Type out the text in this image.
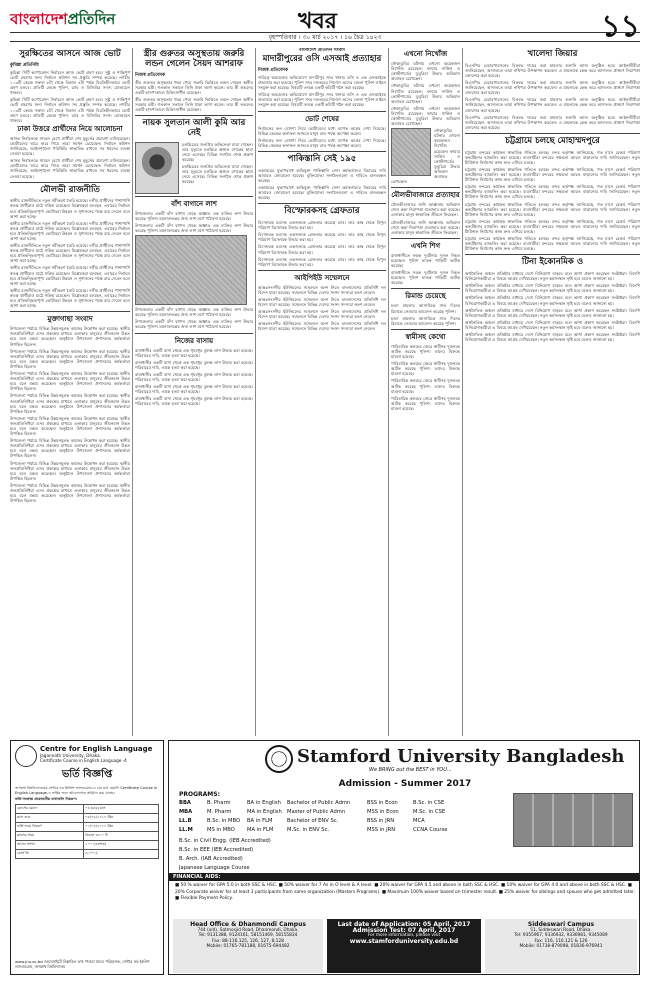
বাংলাদেশপ্রতিদিন	খবর	১১
বৃহস্পতিবার । ৩০ মার্চ ২০১৭ । ১৬ চৈত্র ১৪২৩
সুরক্ষিতের আসনে আজ ভোট
কুমিল্লা প্রতিনিধি

কুমিল্লা সিটি কর্পোরেশন নির্বাচনে আজ ভোট গ্রহণ হবে। সুষ্ঠু ও শান্তিপূর্ণ ভোট গ্রহণের জন্য নির্বাচন কমিশন সব প্রস্তুতি সম্পন্ন করেছে। নগরীর ১০৩টি কেন্দ্রে সকাল ৮টা থেকে বিকাল ৪টা পর্যন্ত বিরতিহীনভাবে ভোট গ্রহণ চলবে। প্রতিটি কেন্দ্রে পুলিশ, র‌্যাব ও বিজিবির সদস্য মোতায়েন থাকবে।

কুমিল্লা সিটি কর্পোরেশন নির্বাচনে আজ ভোট গ্রহণ হবে। সুষ্ঠু ও শান্তিপূর্ণ ভোট গ্রহণের জন্য নির্বাচন কমিশন সব প্রস্তুতি সম্পন্ন করেছে। নগরীর ১০৩টি কেন্দ্রে সকাল ৮টা থেকে বিকাল ৪টা পর্যন্ত বিরতিহীনভাবে ভোট গ্রহণ চলবে। প্রতিটি কেন্দ্রে পুলিশ, র‌্যাব ও বিজিবির সদস্য মোতায়েন থাকবে।

ঢাকা উত্তরে প্রার্থীদের নিয়ে আলোচনা

আসন্ন নির্বাচনকে সামনে রেখে প্রার্থীরা শেষ মুহূর্তের প্রচারণা চালিয়েছেন। ভোটারদের দ্বারে দ্বারে গিয়ে তারা সমর্থন চেয়েছেন। নির্বাচন কমিশন জানিয়েছে, আইনশৃঙ্খলা পরিস্থিতি স্বাভাবিক রাখতে সব ধরনের ব্যবস্থা নেওয়া হয়েছে।

আসন্ন নির্বাচনকে সামনে রেখে প্রার্থীরা শেষ মুহূর্তের প্রচারণা চালিয়েছেন। ভোটারদের দ্বারে দ্বারে গিয়ে তারা সমর্থন চেয়েছেন। নির্বাচন কমিশন জানিয়েছে, আইনশৃঙ্খলা পরিস্থিতি স্বাভাবিক রাখতে সব ধরনের ব্যবস্থা নেওয়া হয়েছে।

মৌলভী রাজনীতি

স্থানীয় রাজনীতিতে নতুন সমীকরণ তৈরি হয়েছে। দলীয় প্রার্থীদের পাশাপাশি স্বতন্ত্র প্রার্থীরাও মাঠে সক্রিয় রয়েছেন। বিশ্লেষকরা বলছেন, এবারের নির্বাচন হবে প্রতিদ্বন্দ্বিতাপূর্ণ। ভোটাররা উন্নয়ন ও সুশাসনের পক্ষে রায় দেবেন বলে আশা করা হচ্ছে।

স্থানীয় রাজনীতিতে নতুন সমীকরণ তৈরি হয়েছে। দলীয় প্রার্থীদের পাশাপাশি স্বতন্ত্র প্রার্থীরাও মাঠে সক্রিয় রয়েছেন। বিশ্লেষকরা বলছেন, এবারের নির্বাচন হবে প্রতিদ্বন্দ্বিতাপূর্ণ। ভোটাররা উন্নয়ন ও সুশাসনের পক্ষে রায় দেবেন বলে আশা করা হচ্ছে।

স্থানীয় রাজনীতিতে নতুন সমীকরণ তৈরি হয়েছে। দলীয় প্রার্থীদের পাশাপাশি স্বতন্ত্র প্রার্থীরাও মাঠে সক্রিয় রয়েছেন। বিশ্লেষকরা বলছেন, এবারের নির্বাচন হবে প্রতিদ্বন্দ্বিতাপূর্ণ। ভোটাররা উন্নয়ন ও সুশাসনের পক্ষে রায় দেবেন বলে আশা করা হচ্ছে।

স্থানীয় রাজনীতিতে নতুন সমীকরণ তৈরি হয়েছে। দলীয় প্রার্থীদের পাশাপাশি স্বতন্ত্র প্রার্থীরাও মাঠে সক্রিয় রয়েছেন। বিশ্লেষকরা বলছেন, এবারের নির্বাচন হবে প্রতিদ্বন্দ্বিতাপূর্ণ। ভোটাররা উন্নয়ন ও সুশাসনের পক্ষে রায় দেবেন বলে আশা করা হচ্ছে।

স্থানীয় রাজনীতিতে নতুন সমীকরণ তৈরি হয়েছে। দলীয় প্রার্থীদের পাশাপাশি স্বতন্ত্র প্রার্থীরাও মাঠে সক্রিয় রয়েছেন। বিশ্লেষকরা বলছেন, এবারের নির্বাচন হবে প্রতিদ্বন্দ্বিতাপূর্ণ। ভোটাররা উন্নয়ন ও সুশাসনের পক্ষে রায় দেবেন বলে আশা করা হচ্ছে।

মুক্তাগাছা সংবাদ

উপজেলা পর্যায়ে বিভিন্ন উন্নয়নমূলক কাজের উদ্বোধন করা হয়েছে। স্থানীয় জনপ্রতিনিধিরা এসব প্রকল্পের মাধ্যমে এলাকার মানুষের জীবনমান উন্নত হবে বলে মন্তব্য করেছেন। অনুষ্ঠানে উপজেলা প্রশাসনের কর্মকর্তারা উপস্থিত ছিলেন।

উপজেলা পর্যায়ে বিভিন্ন উন্নয়নমূলক কাজের উদ্বোধন করা হয়েছে। স্থানীয় জনপ্রতিনিধিরা এসব প্রকল্পের মাধ্যমে এলাকার মানুষের জীবনমান উন্নত হবে বলে মন্তব্য করেছেন। অনুষ্ঠানে উপজেলা প্রশাসনের কর্মকর্তারা উপস্থিত ছিলেন।

উপজেলা পর্যায়ে বিভিন্ন উন্নয়নমূলক কাজের উদ্বোধন করা হয়েছে। স্থানীয় জনপ্রতিনিধিরা এসব প্রকল্পের মাধ্যমে এলাকার মানুষের জীবনমান উন্নত হবে বলে মন্তব্য করেছেন। অনুষ্ঠানে উপজেলা প্রশাসনের কর্মকর্তারা উপস্থিত ছিলেন।

উপজেলা পর্যায়ে বিভিন্ন উন্নয়নমূলক কাজের উদ্বোধন করা হয়েছে। স্থানীয় জনপ্রতিনিধিরা এসব প্রকল্পের মাধ্যমে এলাকার মানুষের জীবনমান উন্নত হবে বলে মন্তব্য করেছেন। অনুষ্ঠানে উপজেলা প্রশাসনের কর্মকর্তারা উপস্থিত ছিলেন।

উপজেলা পর্যায়ে বিভিন্ন উন্নয়নমূলক কাজের উদ্বোধন করা হয়েছে। স্থানীয় জনপ্রতিনিধিরা এসব প্রকল্পের মাধ্যমে এলাকার মানুষের জীবনমান উন্নত হবে বলে মন্তব্য করেছেন। অনুষ্ঠানে উপজেলা প্রশাসনের কর্মকর্তারা উপস্থিত ছিলেন।

উপজেলা পর্যায়ে বিভিন্ন উন্নয়নমূলক কাজের উদ্বোধন করা হয়েছে। স্থানীয় জনপ্রতিনিধিরা এসব প্রকল্পের মাধ্যমে এলাকার মানুষের জীবনমান উন্নত হবে বলে মন্তব্য করেছেন। অনুষ্ঠানে উপজেলা প্রশাসনের কর্মকর্তারা উপস্থিত ছিলেন।

উপজেলা পর্যায়ে বিভিন্ন উন্নয়নমূলক কাজের উদ্বোধন করা হয়েছে। স্থানীয় জনপ্রতিনিধিরা এসব প্রকল্পের মাধ্যমে এলাকার মানুষের জীবনমান উন্নত হবে বলে মন্তব্য করেছেন। অনুষ্ঠানে উপজেলা প্রশাসনের কর্মকর্তারা উপস্থিত ছিলেন।

উপজেলা পর্যায়ে বিভিন্ন উন্নয়নমূলক কাজের উদ্বোধন করা হয়েছে। স্থানীয় জনপ্রতিনিধিরা এসব প্রকল্পের মাধ্যমে এলাকার মানুষের জীবনমান উন্নত হবে বলে মন্তব্য করেছেন। অনুষ্ঠানে উপজেলা প্রশাসনের কর্মকর্তারা উপস্থিত ছিলেন।

স্ত্রীর গুরুতর অসুস্থতায় জরুরি লন্ডন গেলেন সৈয়দ আশরাফ
নিজস্ব প্রতিবেদক

স্ত্রীর গুরুতর অসুস্থতার খবর পেয়ে জরুরি ভিত্তিতে লন্ডন গেছেন স্থানীয় সরকার মন্ত্রী। গতকাল সকালে তিনি ঢাকা ত্যাগ করেন। তার স্ত্রী লন্ডনের একটি হাসপাতালে চিকিৎসাধীন রয়েছেন।

স্ত্রীর গুরুতর অসুস্থতার খবর পেয়ে জরুরি ভিত্তিতে লন্ডন গেছেন স্থানীয় সরকার মন্ত্রী। গতকাল সকালে তিনি ঢাকা ত্যাগ করেন। তার স্ত্রী লন্ডনের একটি হাসপাতালে চিকিৎসাধীন রয়েছেন।

নায়ক সুলতান আলী কুমি আর নেই

চলচ্চিত্রের জনপ্রিয় অভিনেতা মারা গেছেন। তার মৃত্যুতে চলচ্চিত্র অঙ্গনে শোকের ছায়া নেমে এসেছে। বিভিন্ন সংগঠন শোক প্রকাশ করেছে।

চলচ্চিত্রের জনপ্রিয় অভিনেতা মারা গেছেন। তার মৃত্যুতে চলচ্চিত্র অঙ্গনে শোকের ছায়া নেমে এসেছে। বিভিন্ন সংগঠন শোক প্রকাশ করেছে।

বাঁশ বাগানে লাশ

উপজেলার একটি বাঁশ বাগান থেকে অজ্ঞাত এক ব্যক্তির লাশ উদ্ধার করেছে পুলিশ। ময়নাতদন্তের জন্য লাশ মর্গে পাঠানো হয়েছে।

উপজেলার একটি বাঁশ বাগান থেকে অজ্ঞাত এক ব্যক্তির লাশ উদ্ধার করেছে পুলিশ। ময়নাতদন্তের জন্য লাশ মর্গে পাঠানো হয়েছে।

উপজেলার একটি বাঁশ বাগান থেকে অজ্ঞাত এক ব্যক্তির লাশ উদ্ধার করেছে পুলিশ। ময়নাতদন্তের জন্য লাশ মর্গে পাঠানো হয়েছে।

উপজেলার একটি বাঁশ বাগান থেকে অজ্ঞাত এক ব্যক্তির লাশ উদ্ধার করেছে পুলিশ। ময়নাতদন্তের জন্য লাশ মর্গে পাঠানো হয়েছে।

নিজের বাসায়

রাজধানীর একটি বাসা থেকে এক গৃহবধূর ঝুলন্ত লাশ উদ্ধার করা হয়েছে। পরিবারের দাবি, তাকে হত্যা করা হয়েছে।

রাজধানীর একটি বাসা থেকে এক গৃহবধূর ঝুলন্ত লাশ উদ্ধার করা হয়েছে। পরিবারের দাবি, তাকে হত্যা করা হয়েছে।

রাজধানীর একটি বাসা থেকে এক গৃহবধূর ঝুলন্ত লাশ উদ্ধার করা হয়েছে। পরিবারের দাবি, তাকে হত্যা করা হয়েছে।

রাজধানীর একটি বাসা থেকে এক গৃহবধূর ঝুলন্ত লাশ উদ্ধার করা হয়েছে। পরিবারের দাবি, তাকে হত্যা করা হয়েছে।

রাজধানীর একটি বাসা থেকে এক গৃহবধূর ঝুলন্ত লাশ উদ্ধার করা হয়েছে। পরিবারের দাবি, তাকে হত্যা করা হয়েছে।

বাংলাদেশ প্রতিদিন সংবাদ
মাদারীপুরের ওসি এসআই প্রত্যাহার
নিজস্ব প্রতিবেদক

দায়িত্বে অবহেলার অভিযোগে মাদারীপুর সদর থানার ওসি ও এক এসআইকে প্রত্যাহার করা হয়েছে। পুলিশ সদর দফতরের নির্দেশে তাদের জেলা পুলিশ লাইনে সংযুক্ত করা হয়েছে। বিষয়টি তদন্তে একটি কমিটি গঠন করা হয়েছে।

দায়িত্বে অবহেলার অভিযোগে মাদারীপুর সদর থানার ওসি ও এক এসআইকে প্রত্যাহার করা হয়েছে। পুলিশ সদর দফতরের নির্দেশে তাদের জেলা পুলিশ লাইনে সংযুক্ত করা হয়েছে। বিষয়টি তদন্তে একটি কমিটি গঠন করা হয়েছে।

ভোট শেষের

নির্বাচনের ফল ঘোষণা নিয়ে ভোটারদের মধ্যে ব্যাপক আগ্রহ দেখা দিয়েছে। বিভিন্ন কেন্দ্রের ফলাফল জানতে মানুষ রাত পর্যন্ত অপেক্ষা করেন।

নির্বাচনের ফল ঘোষণা নিয়ে ভোটারদের মধ্যে ব্যাপক আগ্রহ দেখা দিয়েছে। বিভিন্ন কেন্দ্রের ফলাফল জানতে মানুষ রাত পর্যন্ত অপেক্ষা করেন।

পাকিস্তানি সেই ১৯৫

একাত্তরের যুদ্ধাপরাধে অভিযুক্ত পাকিস্তানি সেনা কর্মকর্তাদের বিচারের দাবি আবারও জোরালো হয়েছে। মুক্তিযোদ্ধা সংগঠনগুলো এ দাবিতে মানববন্ধন করেছে।

একাত্তরের যুদ্ধাপরাধে অভিযুক্ত পাকিস্তানি সেনা কর্মকর্তাদের বিচারের দাবি আবারও জোরালো হয়েছে। মুক্তিযোদ্ধা সংগঠনগুলো এ দাবিতে মানববন্ধন করেছে।

বিস্ফোরকসহ গ্রেফতার

বিস্ফোরক দ্রব্যসহ একজনকে গ্রেফতার করেছে র‌্যাব। তার কাছ থেকে বিপুল পরিমাণ বিস্ফোরক উদ্ধার করা হয়।

বিস্ফোরক দ্রব্যসহ একজনকে গ্রেফতার করেছে র‌্যাব। তার কাছ থেকে বিপুল পরিমাণ বিস্ফোরক উদ্ধার করা হয়।

বিস্ফোরক দ্রব্যসহ একজনকে গ্রেফতার করেছে র‌্যাব। তার কাছ থেকে বিপুল পরিমাণ বিস্ফোরক উদ্ধার করা হয়।

বিস্ফোরক দ্রব্যসহ একজনকে গ্রেফতার করেছে র‌্যাব। তার কাছ থেকে বিপুল পরিমাণ বিস্ফোরক উদ্ধার করা হয়।

আইপিইউ সম্মেলনে

আন্তঃসংসদীয় ইউনিয়নের সম্মেলনে অংশ নিতে বাংলাদেশের প্রতিনিধি দল বিদেশ যাত্রা করেছে। সম্মেলনে বিভিন্ন দেশের সংসদ সদস্যরা অংশ নেবেন।

আন্তঃসংসদীয় ইউনিয়নের সম্মেলনে অংশ নিতে বাংলাদেশের প্রতিনিধি দল বিদেশ যাত্রা করেছে। সম্মেলনে বিভিন্ন দেশের সংসদ সদস্যরা অংশ নেবেন।

আন্তঃসংসদীয় ইউনিয়নের সম্মেলনে অংশ নিতে বাংলাদেশের প্রতিনিধি দল বিদেশ যাত্রা করেছে। সম্মেলনে বিভিন্ন দেশের সংসদ সদস্যরা অংশ নেবেন।

আন্তঃসংসদীয় ইউনিয়নের সম্মেলনে অংশ নিতে বাংলাদেশের প্রতিনিধি দল বিদেশ যাত্রা করেছে। সম্মেলনে বিভিন্ন দেশের সংসদ সদস্যরা অংশ নেবেন।

এখনো নিখোঁজ

নৌকাডুবির ঘটনায় এখনো কয়েকজন নিখোঁজ রয়েছেন। ফায়ার সার্ভিস ও কোস্টগার্ডের ডুবুরিরা উদ্ধার অভিযান অব্যাহত রেখেছেন।

নৌকাডুবির ঘটনায় এখনো কয়েকজন নিখোঁজ রয়েছেন। ফায়ার সার্ভিস ও কোস্টগার্ডের ডুবুরিরা উদ্ধার অভিযান অব্যাহত রেখেছেন।

নৌকাডুবির ঘটনায় এখনো কয়েকজন নিখোঁজ রয়েছেন। ফায়ার সার্ভিস ও কোস্টগার্ডের ডুবুরিরা উদ্ধার অভিযান অব্যাহত রেখেছেন।

নৌকাডুবির ঘটনায় এখনো কয়েকজন নিখোঁজ রয়েছেন। ফায়ার সার্ভিস ও কোস্টগার্ডের ডুবুরিরা উদ্ধার অভিযান অব্যাহত রেখেছেন।

মৌলভীবাজারে প্রত্যাহার

মৌলভীবাজারে জঙ্গি আস্তানায় অভিযান শেষে কড়া নিরাপত্তা প্রত্যাহার করা হয়েছে। এলাকার মানুষ স্বাভাবিক জীবনে ফিরছেন।

মৌলভীবাজারে জঙ্গি আস্তানায় অভিযান শেষে কড়া নিরাপত্তা প্রত্যাহার করা হয়েছে। এলাকার মানুষ স্বাভাবিক জীবনে ফিরছেন।

এখনি শিগ

রাজধানীতে সড়ক দুর্ঘটনায় দুজন নিহত হয়েছেন। পুলিশ ঘাতক গাড়িটি আটক করেছে।

রাজধানীতে সড়ক দুর্ঘটনায় দুজন নিহত হয়েছেন। পুলিশ ঘাতক গাড়িটি আটক করেছে।

রিমান্ড চেয়েছে

হত্যা মামলার আসামিকে সাত দিনের রিমান্ডে নেওয়ার আবেদন করেছে পুলিশ।

হত্যা মামলার আসামিকে সাত দিনের রিমান্ডে নেওয়ার আবেদন করেছে পুলিশ।

স্বামীসহ কেথো

পারিবারিক কলহের জেরে স্বামীসহ দুজনকে আটক করেছে পুলিশ। তাদের বিরুদ্ধে মামলা হয়েছে।

পারিবারিক কলহের জেরে স্বামীসহ দুজনকে আটক করেছে পুলিশ। তাদের বিরুদ্ধে মামলা হয়েছে।

পারিবারিক কলহের জেরে স্বামীসহ দুজনকে আটক করেছে পুলিশ। তাদের বিরুদ্ধে মামলা হয়েছে।

পারিবারিক কলহের জেরে স্বামীসহ দুজনকে আটক করেছে পুলিশ। তাদের বিরুদ্ধে মামলা হয়েছে।

খালেদা জিয়ার

বিএনপির চেয়ারপারসনের বিরুদ্ধে দায়ের করা মামলার শুনানি আজ অনুষ্ঠিত হবে। আইনজীবীরা জানিয়েছেন, আদালতে তারা নথিপত্র উপস্থাপন করবেন। এ মামলাকে কেন্দ্র করে আদালত প্রাঙ্গণে নিরাপত্তা জোরদার করা হয়েছে।

বিএনপির চেয়ারপারসনের বিরুদ্ধে দায়ের করা মামলার শুনানি আজ অনুষ্ঠিত হবে। আইনজীবীরা জানিয়েছেন, আদালতে তারা নথিপত্র উপস্থাপন করবেন। এ মামলাকে কেন্দ্র করে আদালত প্রাঙ্গণে নিরাপত্তা জোরদার করা হয়েছে।

বিএনপির চেয়ারপারসনের বিরুদ্ধে দায়ের করা মামলার শুনানি আজ অনুষ্ঠিত হবে। আইনজীবীরা জানিয়েছেন, আদালতে তারা নথিপত্র উপস্থাপন করবেন। এ মামলাকে কেন্দ্র করে আদালত প্রাঙ্গণে নিরাপত্তা জোরদার করা হয়েছে।

বিএনপির চেয়ারপারসনের বিরুদ্ধে দায়ের করা মামলার শুনানি আজ অনুষ্ঠিত হবে। আইনজীবীরা জানিয়েছেন, আদালতে তারা নথিপত্র উপস্থাপন করবেন। এ মামলাকে কেন্দ্র করে আদালত প্রাঙ্গণে নিরাপত্তা জোরদার করা হয়েছে।

চট্টগ্রামে চলছে মোহাম্মদপুরে

চট্টগ্রাম বন্দরের কার্যক্রম স্বাভাবিক গতিতে চলছে। বন্দর কর্তৃপক্ষ জানিয়েছে, গত মাসে রেকর্ড পরিমাণ কনটেইনার হ্যান্ডলিং করা হয়েছে। ব্যবসায়ীরা বন্দরের সক্ষমতা আরও বাড়ানোর দাবি জানিয়েছেন। নতুন টার্মিনাল নির্মাণের কাজ দ্রুত এগিয়ে চলছে।

চট্টগ্রাম বন্দরের কার্যক্রম স্বাভাবিক গতিতে চলছে। বন্দর কর্তৃপক্ষ জানিয়েছে, গত মাসে রেকর্ড পরিমাণ কনটেইনার হ্যান্ডলিং করা হয়েছে। ব্যবসায়ীরা বন্দরের সক্ষমতা আরও বাড়ানোর দাবি জানিয়েছেন। নতুন টার্মিনাল নির্মাণের কাজ দ্রুত এগিয়ে চলছে।

চট্টগ্রাম বন্দরের কার্যক্রম স্বাভাবিক গতিতে চলছে। বন্দর কর্তৃপক্ষ জানিয়েছে, গত মাসে রেকর্ড পরিমাণ কনটেইনার হ্যান্ডলিং করা হয়েছে। ব্যবসায়ীরা বন্দরের সক্ষমতা আরও বাড়ানোর দাবি জানিয়েছেন। নতুন টার্মিনাল নির্মাণের কাজ দ্রুত এগিয়ে চলছে।

চট্টগ্রাম বন্দরের কার্যক্রম স্বাভাবিক গতিতে চলছে। বন্দর কর্তৃপক্ষ জানিয়েছে, গত মাসে রেকর্ড পরিমাণ কনটেইনার হ্যান্ডলিং করা হয়েছে। ব্যবসায়ীরা বন্দরের সক্ষমতা আরও বাড়ানোর দাবি জানিয়েছেন। নতুন টার্মিনাল নির্মাণের কাজ দ্রুত এগিয়ে চলছে।

চট্টগ্রাম বন্দরের কার্যক্রম স্বাভাবিক গতিতে চলছে। বন্দর কর্তৃপক্ষ জানিয়েছে, গত মাসে রেকর্ড পরিমাণ কনটেইনার হ্যান্ডলিং করা হয়েছে। ব্যবসায়ীরা বন্দরের সক্ষমতা আরও বাড়ানোর দাবি জানিয়েছেন। নতুন টার্মিনাল নির্মাণের কাজ দ্রুত এগিয়ে চলছে।

চট্টগ্রাম বন্দরের কার্যক্রম স্বাভাবিক গতিতে চলছে। বন্দর কর্তৃপক্ষ জানিয়েছে, গত মাসে রেকর্ড পরিমাণ কনটেইনার হ্যান্ডলিং করা হয়েছে। ব্যবসায়ীরা বন্দরের সক্ষমতা আরও বাড়ানোর দাবি জানিয়েছেন। নতুন টার্মিনাল নির্মাণের কাজ দ্রুত এগিয়ে চলছে।

টিনা ইকোনমিক ও

অর্থনৈতিক অঞ্চল প্রতিষ্ঠার মাধ্যমে দেশে বিনিয়োগ বাড়বে বলে আশা প্রকাশ করেছেন সংশ্লিষ্টরা। বিদেশি বিনিয়োগকারীরা এ বিষয়ে আগ্রহ দেখিয়েছেন। নতুন কর্মসংস্থান সৃষ্টি হবে বলেও জানানো হয়।

অর্থনৈতিক অঞ্চল প্রতিষ্ঠার মাধ্যমে দেশে বিনিয়োগ বাড়বে বলে আশা প্রকাশ করেছেন সংশ্লিষ্টরা। বিদেশি বিনিয়োগকারীরা এ বিষয়ে আগ্রহ দেখিয়েছেন। নতুন কর্মসংস্থান সৃষ্টি হবে বলেও জানানো হয়।

অর্থনৈতিক অঞ্চল প্রতিষ্ঠার মাধ্যমে দেশে বিনিয়োগ বাড়বে বলে আশা প্রকাশ করেছেন সংশ্লিষ্টরা। বিদেশি বিনিয়োগকারীরা এ বিষয়ে আগ্রহ দেখিয়েছেন। নতুন কর্মসংস্থান সৃষ্টি হবে বলেও জানানো হয়।

অর্থনৈতিক অঞ্চল প্রতিষ্ঠার মাধ্যমে দেশে বিনিয়োগ বাড়বে বলে আশা প্রকাশ করেছেন সংশ্লিষ্টরা। বিদেশি বিনিয়োগকারীরা এ বিষয়ে আগ্রহ দেখিয়েছেন। নতুন কর্মসংস্থান সৃষ্টি হবে বলেও জানানো হয়।

অর্থনৈতিক অঞ্চল প্রতিষ্ঠার মাধ্যমে দেশে বিনিয়োগ বাড়বে বলে আশা প্রকাশ করেছেন সংশ্লিষ্টরা। বিদেশি বিনিয়োগকারীরা এ বিষয়ে আগ্রহ দেখিয়েছেন। নতুন কর্মসংস্থান সৃষ্টি হবে বলেও জানানো হয়।

অর্থনৈতিক অঞ্চল প্রতিষ্ঠার মাধ্যমে দেশে বিনিয়োগ বাড়বে বলে আশা প্রকাশ করেছেন সংশ্লিষ্টরা। বিদেশি বিনিয়োগকারীরা এ বিষয়ে আগ্রহ দেখিয়েছেন। নতুন কর্মসংস্থান সৃষ্টি হবে বলেও জানানো হয়।

Centre for English Language
Jagannath University, Dhaka.
Certificate Course in English Language -4
ভর্তি বিজ্ঞপ্তি
জগন্নাথ বিশ্ববিদ্যালয়ের সেন্টার ফর ইংলিশ ল্যাংগুয়েজ-এ চার মাস মেয়াদি Certificate Course in English Language-এ ভর্তির জন্য আবেদনপত্র আহ্বান করা যাচ্ছে।
ভর্তি সংক্রান্ত প্রয়োজনীয় তথ্যাবলি নিম্নরূপ:
কোর্সের মেয়াদ	০৪ (চার) মাস
ক্লাস শুরু	০৪/০৪/২০১৭ খ্রিঃ
ভর্তি ফরম বিতরণ	০১/০৪/২০১৭ খ্রিঃ
ক্লাসের সময়	বিকাল ৩:০০ টা
আসন সংখ্যা	১০০ (একশত)
কোর্স ফি	৬,০০০/-
www.jnu.ac.bd ওয়েবসাইটে বিস্তারিত তথ্য পাওয়া যাবে। পরিচালক, সেন্টার ফর ইংলিশ ল্যাংগুয়েজ, জগন্নাথ বিশ্ববিদ্যালয়
Stamford University Bangladesh
We BRING out the BEST in YOU...
Admission - Summer 2017
PROGRAMS:
BBA	B. Pharm	BA in English	Bachelor of Public Admn	BSS in Econ	B.Sc. in CSE
MBA	M. Pharm	MA in English	Master of Public Admn	MSS in Econ	M.Sc. in CSE
LL.B	B.Sc. in MBO	BA in FLM	Bachelor of ENV Sc.	BSS in JRN	MCA
LL.M	MS in MBO	MA in FLM	M.Sc. in ENV Sc.	MSS in JRN	CCNA Course
B.Sc. in Civil Engg. (IEB Accredited)
B.Sc. in EEE (IEB Accredited)
B. Arch. (IAB Accredited)
Japanese Language Course
FINANCIAL AIDS:
■ 50 % waiver for GPA 5.0 in both SSC & HSC. ■ 50% waiver for 7 As in O level & A level. ■ 20% waiver for GPA 4.5 and above in both SSC & HSC. ■ 10% waiver for GPA 4.0 and above in both SSC & HSC. ■ 20% Corporate waiver for at least 3 participants from same organization (Masters Programs). ■ Maximum 100% waiver based on trimester result. ■ 25% waiver for siblings and spouse who get admitted later. ■ Flexible Payment Policy.
Head Office & Dhanmondi Campus
744 (old), Satmosjid Road, Dhanmondi, Dhaka.
Tel: 9131388, 9124161, 58151469, 58155834
Fax: 88-116.125, 126, 127, 8,128
Mobile: 01765-781188, 01675-694482
Last date of Application: 05 April, 2017
Admission Test: 07 April, 2017
For more information, please visit
www.stamforduniversity.edu.bd
Siddeswari Campus
51, Siddeswari Road, Dhaka.
Tel: 9355967, 9336932, 9336981, 9345089
Fax: 116, 116.121 & 126
Mobile: 01738-879098, 01836-976941
